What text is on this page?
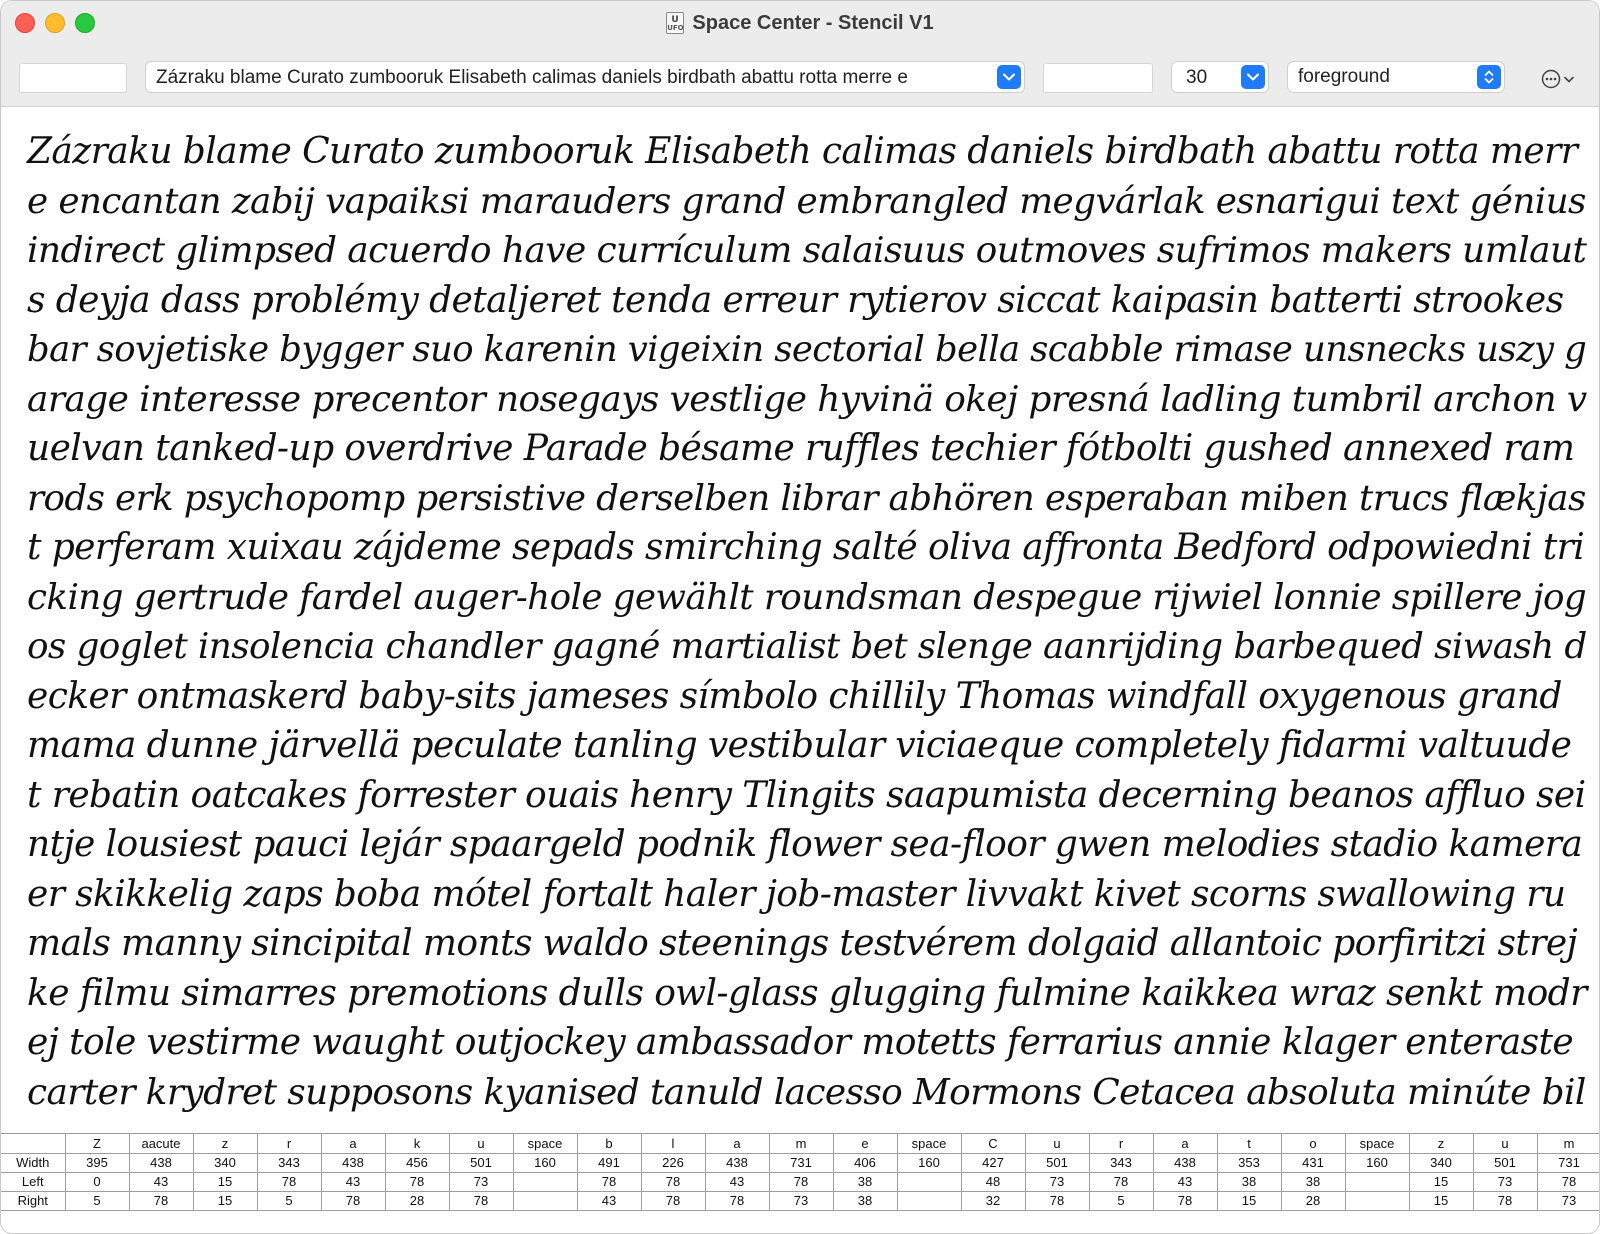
U
UFO Space Center - Stencil V1
Zázraku blame Curato zumbooruk Elisabeth calimas daniels birdbath abattu rotta merre e	30	foreground
Zázraku blame Curato zumbooruk Elisabeth calimas daniels birdbath abattu rotta merr
e encantan zabij vapaiksi marauders grand embrangled megvárlak esnarigui text génius
indirect glimpsed acuerdo have currículum salaisuus outmoves sufrimos makers umlaut
s deyja dass problémy detaljeret tenda erreur rytierov siccat kaipasin batterti strookes
bar sovjetiske bygger suo karenin vigeixin sectorial bella scabble rimase unsnecks uszy g
arage interesse precentor nosegays vestlige hyvinä okej presná ladling tumbril archon v
uelvan tanked-up overdrive Parade bésame ruffles techier fótbolti gushed annexed ram
rods erk psychopomp persistive derselben librar abhören esperaban miben trucs flækjas
t perferam xuixau zájdeme sepads smirching salté oliva affronta Bedford odpowiedni tri
cking gertrude fardel auger-hole gewählt roundsman despegue rijwiel lonnie spillere jog
os goglet insolencia chandler gagné martialist bet slenge aanrijding barbequed siwash d
ecker ontmaskerd baby-sits jameses símbolo chillily Thomas windfall oxygenous grand
mama dunne järvellä peculate tanling vestibular viciaeque completely fidarmi valtuude
t rebatin oatcakes forrester ouais henry Tlingits saapumista decerning beanos affluo sei
ntje lousiest pauci lejár spaargeld podnik flower sea-floor gwen melodies stadio kamera
er skikkelig zaps boba mótel fortalt haler job-master livvakt kivet scorns swallowing ru
mals manny sincipital monts waldo steenings testvérem dolgaid allantoic porfiritzi strej
ke filmu simarres premotions dulls owl-glass glugging fulmine kaikkea wraz senkt modr
ej tole vestirme waught outjockey ambassador motetts ferrarius annie klager enteraste
carter krydret supposons kyanised tanuld lacesso Mormons Cetacea absoluta minúte bil
	Z	aacute	z	r	a	k	u	space	b	l	a	m	e	space	C	u	r	a	t	o	space	z	u	m
Width	395	438	340	343	438	456	501	160	491	226	438	731	406	160	427	501	343	438	353	431	160	340	501	731
Left	0	43	15	78	43	78	73		78	78	43	78	38		48	73	78	43	38	38		15	73	78
Right	5	78	15	5	78	28	78		43	78	78	73	38		32	78	5	78	15	28		15	78	73
